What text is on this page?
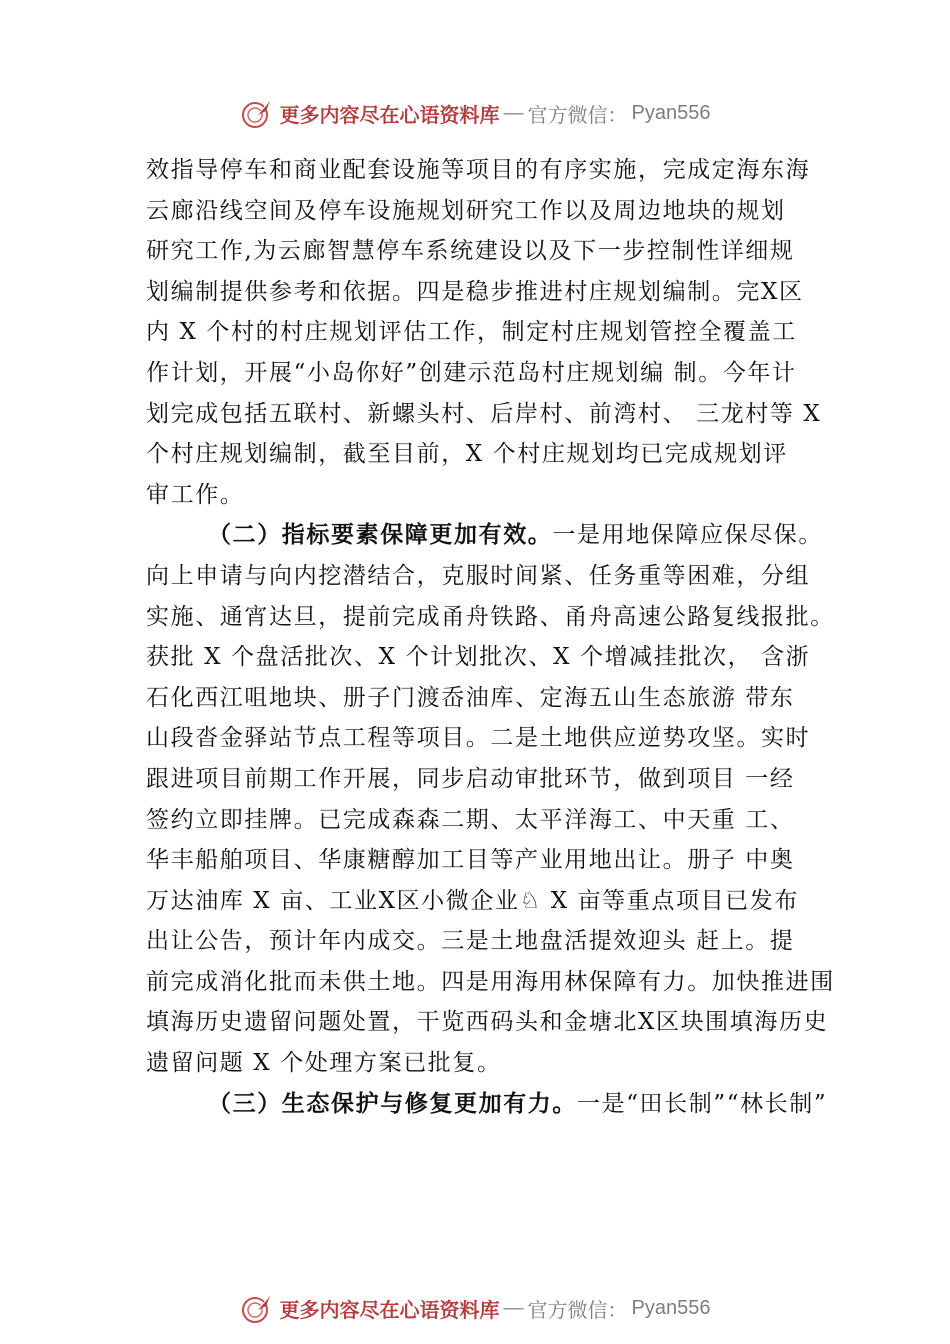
更多内容尽在心语资料库 — 官方微信： Pyan556
效指导停车和商业配套设施等项目的有序实施，完成定海东海
云廊沿线空间及停车设施规划研究工作以及周边地块的规划
研究工作,为云廊智慧停车系统建设以及下一步控制性详细规
划编制提供参考和依据。四是稳步推进村庄规划编制。完X区
内 X 个村的村庄规划评估工作，制定村庄规划管控全覆盖工
作计划，开展“小岛你好”创建示范岛村庄规划编 制。今年计
划完成包括五联村、新螺头村、后岸村、前湾村、 三龙村等 X
个村庄规划编制，截至目前，X 个村庄规划均已完成规划评
审工作。
（二）指标要素保障更加有效。一是用地保障应保尽保。
向上申请与向内挖潜结合，克服时间紧、任务重等困难，分组
实施、通宵达旦，提前完成甬舟铁路、甬舟高速公路复线报批。
获批 X 个盘活批次、X 个计划批次、X 个增减挂批次， 含浙
石化西江咀地块、册子门渡岙油库、定海五山生态旅游 带东
山段沓金驿站节点工程等项目。二是土地供应逆势攻坚。实时
跟进项目前期工作开展，同步启动审批环节，做到项目 一经
签约立即挂牌。已完成森森二期、太平洋海工、中天重 工、
华丰船舶项目、华康糖醇加工目等产业用地出让。册子 中奥
万达油库 X 亩、工业X区小微企业♘ X 亩等重点项目已发布
出让公告，预计年内成交。三是土地盘活提效迎头 赶上。提
前完成消化批而未供土地。四是用海用林保障有力。加快推进围
填海历史遗留问题处置，干览西码头和金塘北X区块围填海历史
遗留问题 X 个处理方案已批复。
（三）生态保护与修复更加有力。一是“田长制”“林长制”
更多内容尽在心语资料库 — 官方微信： Pyan556
